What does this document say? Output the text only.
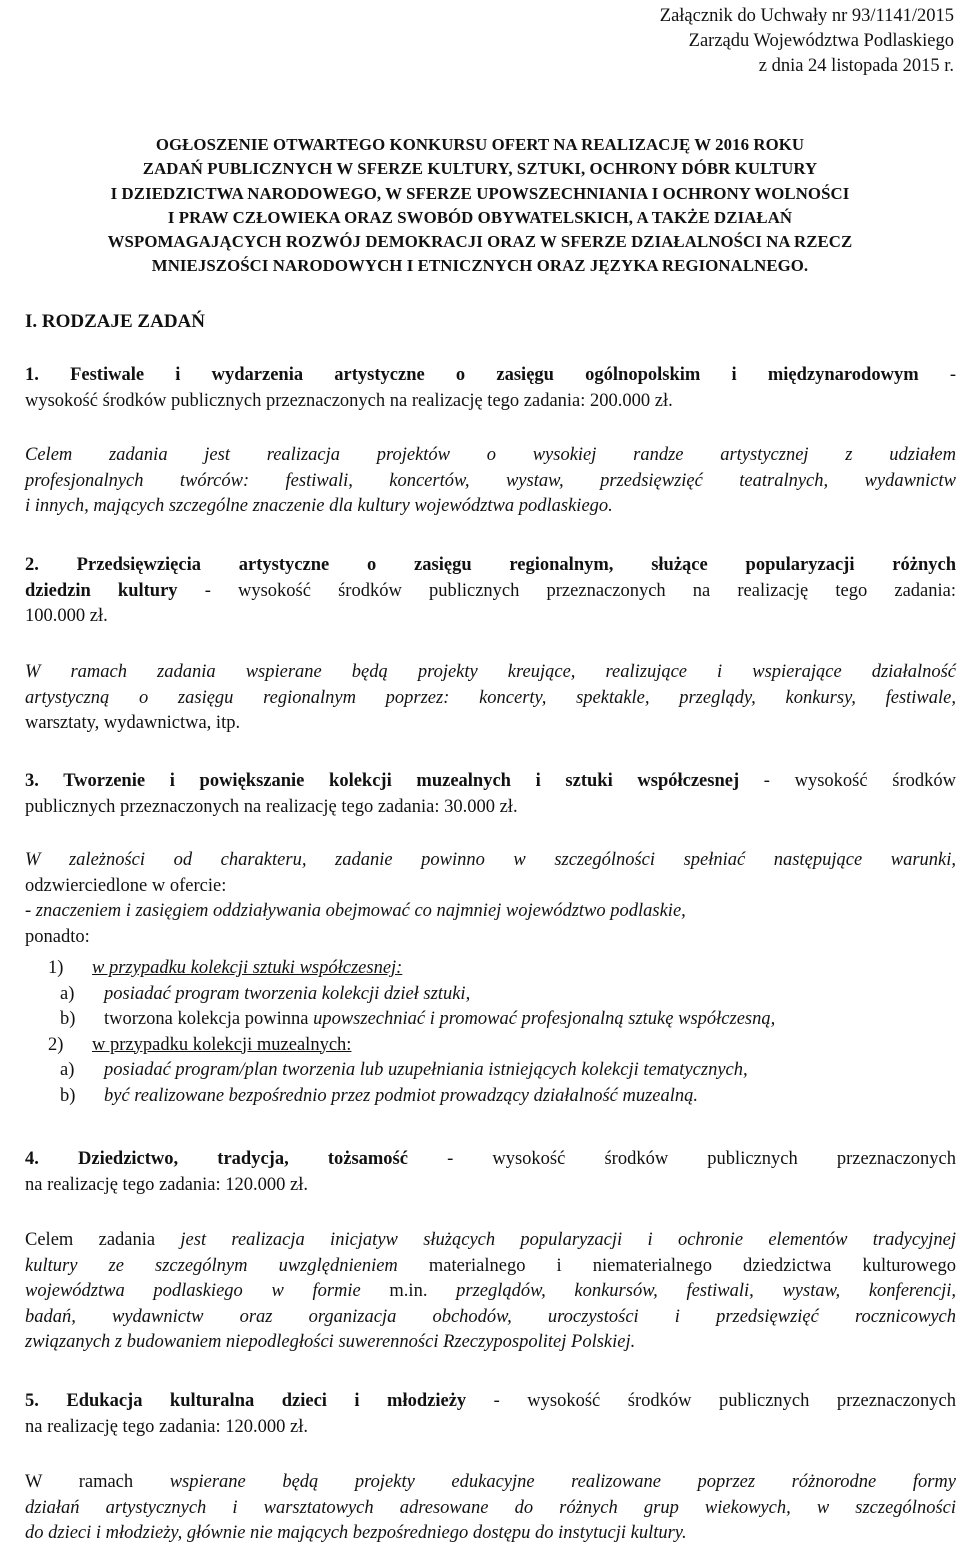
Załącznik do Uchwały nr 93/1141/2015
Zarządu Województwa Podlaskiego
z dnia 24 listopada 2015 r.
OGŁOSZENIE OTWARTEGO KONKURSU OFERT NA REALIZACJĘ W 2016 ROKU
ZADAŃ PUBLICZNYCH W SFERZE KULTURY, SZTUKI, OCHRONY DÓBR KULTURY
I DZIEDZICTWA NARODOWEGO, W SFERZE UPOWSZECHNIANIA I OCHRONY WOLNOŚCI
I PRAW CZŁOWIEKA ORAZ SWOBÓD OBYWATELSKICH, A TAKŻE DZIAŁAŃ
WSPOMAGAJĄCYCH ROZWÓJ DEMOKRACJI ORAZ W SFERZE DZIAŁALNOŚCI NA RZECZ
MNIEJSZOŚCI NARODOWYCH I ETNICZNYCH ORAZ JĘZYKA REGIONALNEGO.
I. RODZAJE ZADAŃ
1. Festiwale i wydarzenia artystyczne o zasięgu ogólnopolskim i międzynarodowym -
wysokość środków publicznych przeznaczonych na realizację tego zadania: 200.000 zł.
Celem zadania jest realizacja projektów o wysokiej randze artystycznej z udziałem
profesjonalnych twórców: festiwali, koncertów, wystaw, przedsięwzięć teatralnych, wydawnictw
i innych, mających szczególne znaczenie dla kultury województwa podlaskiego.
2. Przedsięwzięcia artystyczne o zasięgu regionalnym, służące popularyzacji różnych
dziedzin kultury - wysokość środków publicznych przeznaczonych na realizację tego zadania:
100.000 zł.
W ramach zadania wspierane będą projekty kreujące, realizujące i wspierające działalność
artystyczną o zasięgu regionalnym poprzez: koncerty, spektakle, przeglądy, konkursy, festiwale,
warsztaty, wydawnictwa, itp.
3. Tworzenie i powiększanie kolekcji muzealnych i sztuki współczesnej - wysokość środków
publicznych przeznaczonych na realizację tego zadania: 30.000 zł.
W zależności od charakteru, zadanie powinno w szczególności spełniać następujące warunki,
odzwierciedlone w ofercie:
- znaczeniem i zasięgiem oddziaływania obejmować co najmniej województwo podlaskie,
ponadto:
1) w przypadku kolekcji sztuki współczesnej:
a) posiadać program tworzenia kolekcji dzieł sztuki,
b) tworzona kolekcja powinna upowszechniać i promować profesjonalną sztukę współczesną,
2) w przypadku kolekcji muzealnych:
a) posiadać program/plan tworzenia lub uzupełniania istniejących kolekcji tematycznych,
b) być realizowane bezpośrednio przez podmiot prowadzący działalność muzealną.
4. Dziedzictwo, tradycja, tożsamość - wysokość środków publicznych przeznaczonych
na realizację tego zadania: 120.000 zł.
Celem zadania jest realizacja inicjatyw służących popularyzacji i ochronie elementów tradycyjnej
kultury ze szczególnym uwzględnieniem materialnego i niematerialnego dziedzictwa kulturowego
województwa podlaskiego w formie m.in. przeglądów, konkursów, festiwali, wystaw, konferencji,
badań, wydawnictw oraz organizacja obchodów, uroczystości i przedsięwzięć rocznicowych
związanych z budowaniem niepodległości suwerenności Rzeczypospolitej Polskiej.
5. Edukacja kulturalna dzieci i młodzieży - wysokość środków publicznych przeznaczonych
na realizację tego zadania: 120.000 zł.
W ramach wspierane będą projekty edukacyjne realizowane poprzez różnorodne formy
działań artystycznych i warsztatowych adresowane do różnych grup wiekowych, w szczególności
do dzieci i młodzieży, głównie nie mających bezpośredniego dostępu do instytucji kultury.
